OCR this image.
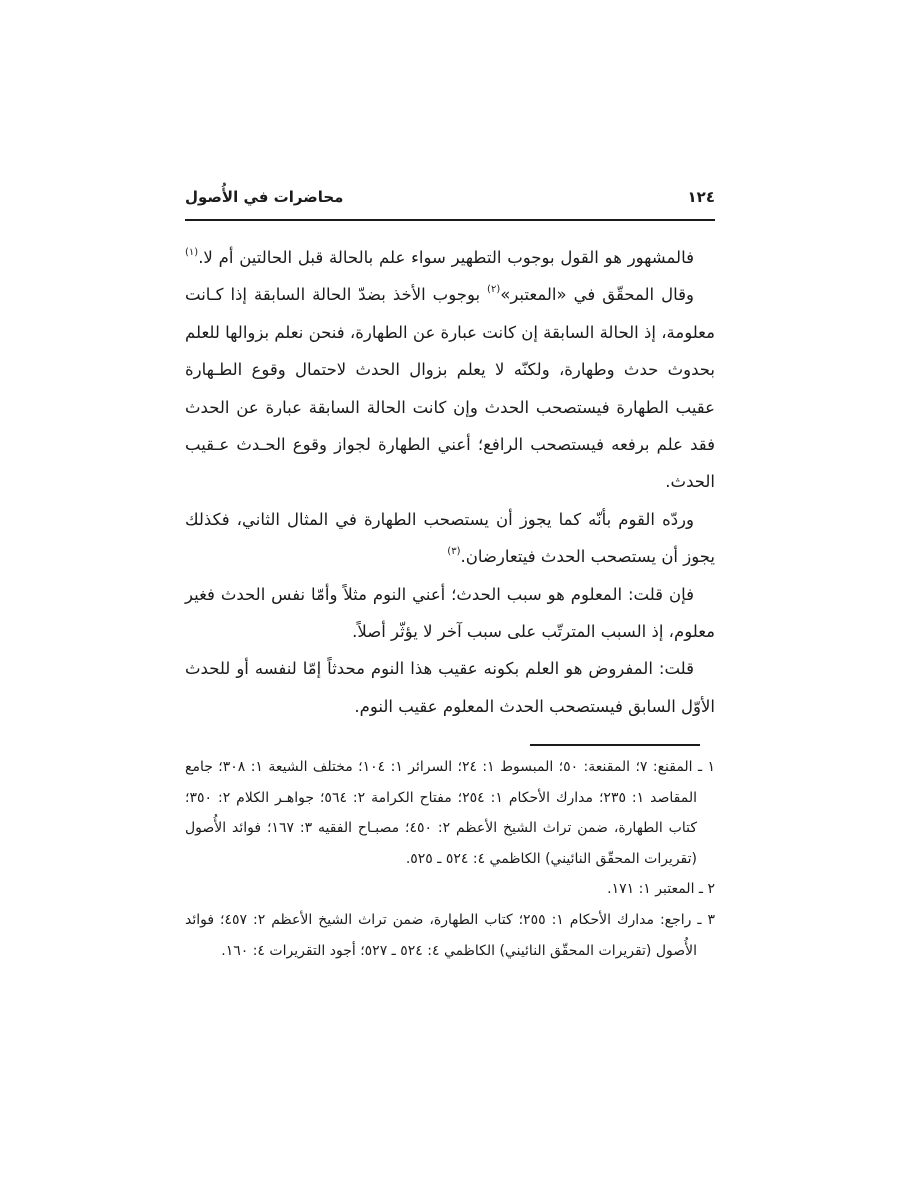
١٢٤
محاضرات في الأُصول
فالمشهور هو القول بوجوب التطهير سواء علم بالحالة قبل الحالتين أم لا.$^{(١)}$
وقال المحقّق في «المعتبر»$^{(٢)}$ بوجوب الأخذ بضدّ الحالة السابقة إذا كـانت
معلومة، إذ الحالة السابقة إن كانت عبارة عن الطهارة، فنحن نعلم بزوالها للعلم
بحدوث حدث وطهارة، ولكنّه لا يعلم بزوال الحدث لاحتمال وقوع الطـهارة
عقيب الطهارة فيستصحب الحدث وإن كانت الحالة السابقة عبارة عن الحدث
فقد علم برفعه فيستصحب الرافع؛ أعني الطهارة لجواز وقوع الحـدث عـقيب
الحدث.
وردّه القوم بأنّه كما يجوز أن يستصحب الطهارة في المثال الثاني، فكذلك
يجوز أن يستصحب الحدث فيتعارضان.$^{(٣)}$
فإن قلت: المعلوم هو سبب الحدث؛ أعني النوم مثلاً وأمّا نفس الحدث فغير
معلوم، إذ السبب المترتّب على سبب آخر لا يؤثّر أصلاً.
قلت: المفروض هو العلم بكونه عقيب هذا النوم محدثاً إمّا لنفسه أو للحدث
الأوّل السابق فيستصحب الحدث المعلوم عقيب النوم.
١ ـ المقنع: ٧؛ المقنعة: ٥٠؛ المبسوط ١: ٢٤؛ السرائر ١: ١٠٤؛ مختلف الشيعة ١: ٣٠٨؛ جامع المقاصد ١: ٢٣٥؛ مدارك الأحكام ١: ٢٥٤؛ مفتاح الكرامة ٢: ٥٦٤؛ جواهـر الكلام ٢: ٣٥٠؛ كتاب الطهارة، ضمن تراث الشيخ الأعظم ٢: ٤٥٠؛ مصبـاح الفقيه ٣: ١٦٧؛ فوائد الأُصول (تقريرات المحقّق النائيني) الكاظمي ٤: ٥٢٤ ـ ٥٢٥.
٢ ـ المعتبر ١: ١٧١.
٣ ـ راجع: مدارك الأحكام ١: ٢٥٥؛ كتاب الطهارة، ضمن تراث الشيخ الأعظم ٢: ٤٥٧؛ فوائد الأُصول (تقريرات المحقّق النائيني) الكاظمي ٤: ٥٢٤ ـ ٥٢٧؛ أجود التقريرات ٤: ١٦٠.
